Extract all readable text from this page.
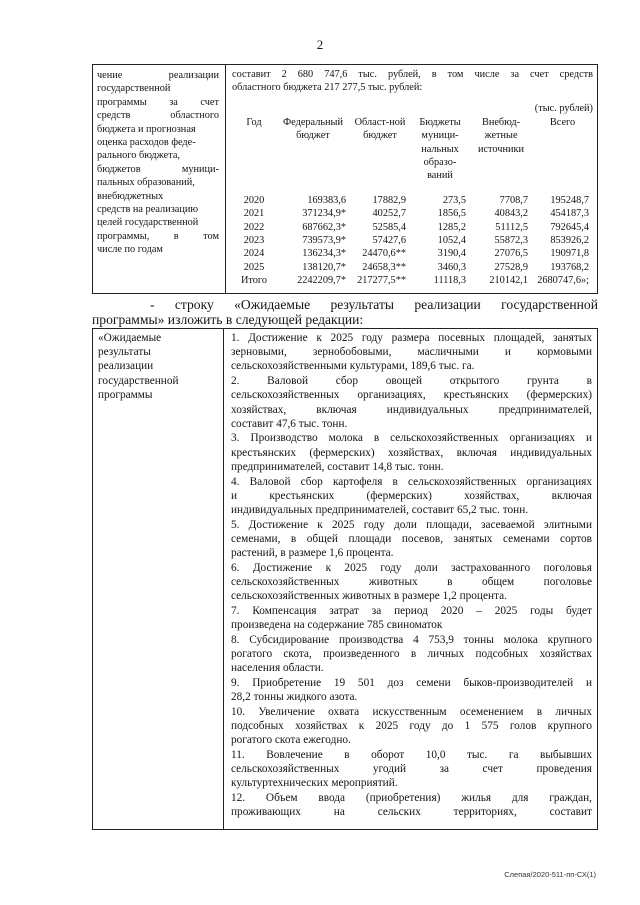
2
чение реализации
государственной
программы за счет
средств областного
бюджета и прогнозная
оценка расходов феде-
рального бюджета,
бюджетов муници-
пальных образований,
внебюджетных
средств на реализацию
целей государственной
программы, в том
числе по годам
составит 2 680 747,6 тыс. рублей, в том числе за счет средств
областного бюджета 217 277,5 тыс. рублей:
(тыс. рублей)
Год	Федеральный бюджет	Област-ной бюджет	Бюджеты муници-нальных образо-ваний	Внебюд-жетные источники	Всего
2020	169383,6	17882,9	273,5	7708,7	195248,7
2021	371234,9*	40252,7	1856,5	40843,2	454187,3
2022	687662,3*	52585,4	1285,2	51112,5	792645,4
2023	739573,9*	57427,6	1052,4	55872,3	853926,2
2024	136234,3*	24470,6**	3190,4	27076,5	190971,8
2025	138120,7*	24658,3**	3460,3	27528,9	193768,2
Итого	2242209,7*	217277,5**	11118,3	210142,1	2680747,6»;
- строку «Ожидаемые результаты реализации государственной
программы» изложить в следующей редакции:
«Ожидаемые
результаты
реализации
государственной
программы
1. Достижение к 2025 году размера посевных площадей, занятых
зерновыми, зернобобовыми, масличными и кормовыми
сельскохозяйственными культурами, 189,6 тыс. га.
2. Валовой сбор овощей открытого грунта в
сельскохозяйственных организациях, крестьянских (фермерских)
хозяйствах, включая индивидуальных предпринимателей,
составит 47,6 тыс. тонн.
3. Производство молока в сельскохозяйственных организациях и
крестьянских (фермерских) хозяйствах, включая индивидуальных
предпринимателей, составит 14,8 тыс. тонн.
4. Валовой сбор картофеля в сельскохозяйственных организациях
и крестьянских (фермерских) хозяйствах, включая
индивидуальных предпринимателей, составит 65,2 тыс. тонн.
5. Достижение к 2025 году доли площади, засеваемой элитными
семенами, в общей площади посевов, занятых семенами сортов
растений, в размере 1,6 процента.
6. Достижение к 2025 году доли застрахованного поголовья
сельскохозяйственных животных в общем поголовье
сельскохозяйственных животных в размере 1,2 процента.
7. Компенсация затрат за период 2020 – 2025 годы будет
произведена на содержание 785 свиноматок
8. Субсидирование производства 4 753,9 тонны молока крупного
рогатого скота, произведенного в личных подсобных хозяйствах
населения области.
9. Приобретение 19 501 доз семени быков-производителей и
28,2 тонны жидкого азота.
10. Увеличение охвата искусственным осеменением в личных
подсобных хозяйствах к 2025 году до 1 575 голов крупного
рогатого скота ежегодно.
11. Вовлечение в оборот 10,0 тыс. га выбывших
сельскохозяйственных угодий за счет проведения
культуртехнических мероприятий.
12. Объем ввода (приобретения) жилья для граждан,
проживающих на сельских территориях, составит
Слепая/2020-511-пп-СХ(1)
